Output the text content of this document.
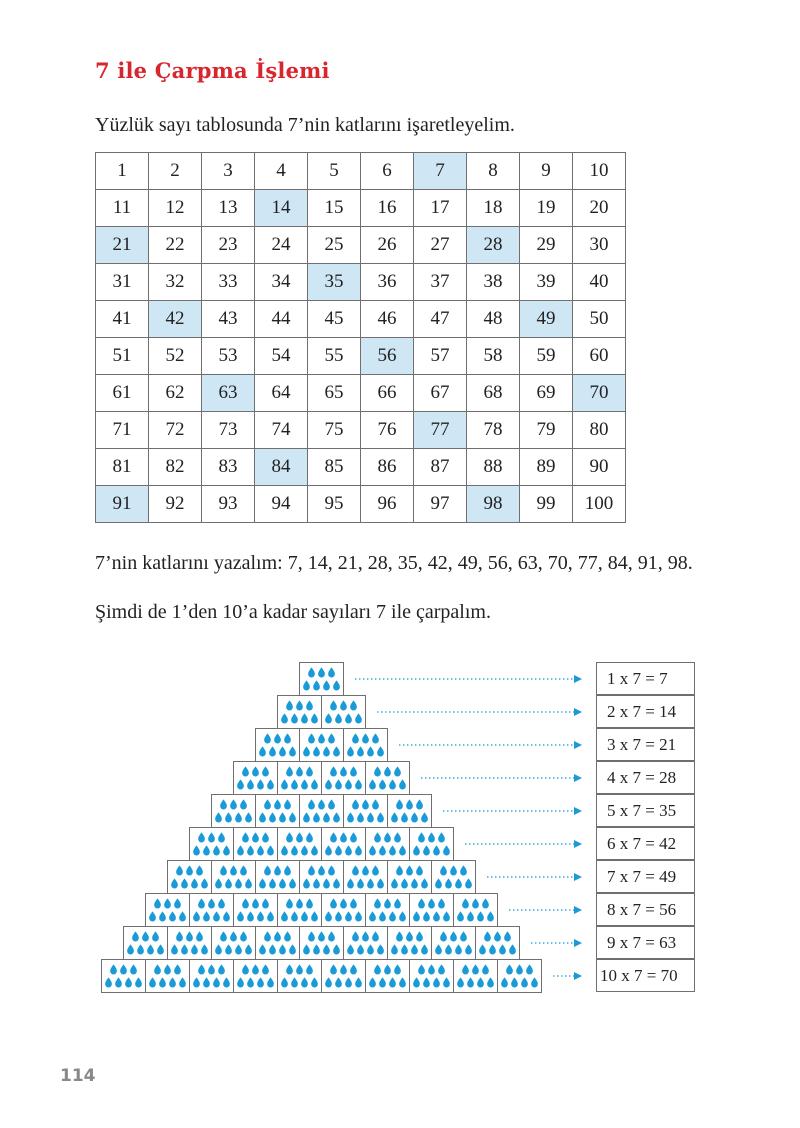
7 ile Çarpma İşlemi
Yüzlük sayı tablosunda 7’nin katlarını işaretleyelim.
1	2	3	4	5	6	7	8	9	10
11	12	13	14	15	16	17	18	19	20
21	22	23	24	25	26	27	28	29	30
31	32	33	34	35	36	37	38	39	40
41	42	43	44	45	46	47	48	49	50
51	52	53	54	55	56	57	58	59	60
61	62	63	64	65	66	67	68	69	70
71	72	73	74	75	76	77	78	79	80
81	82	83	84	85	86	87	88	89	90
91	92	93	94	95	96	97	98	99	100
7’nin katlarını yazalım: 7, 14, 21, 28, 35, 42, 49, 56, 63, 70, 77, 84, 91, 98.
Şimdi de 1’den 10’a kadar sayıları 7 ile çarpalım.
1 x 7 = 7
2 x 7 = 14
3 x 7 = 21
4 x 7 = 28
5 x 7 = 35
6 x 7 = 42
7 x 7 = 49
8 x 7 = 56
9 x 7 = 63
10 x 7 = 70
114
